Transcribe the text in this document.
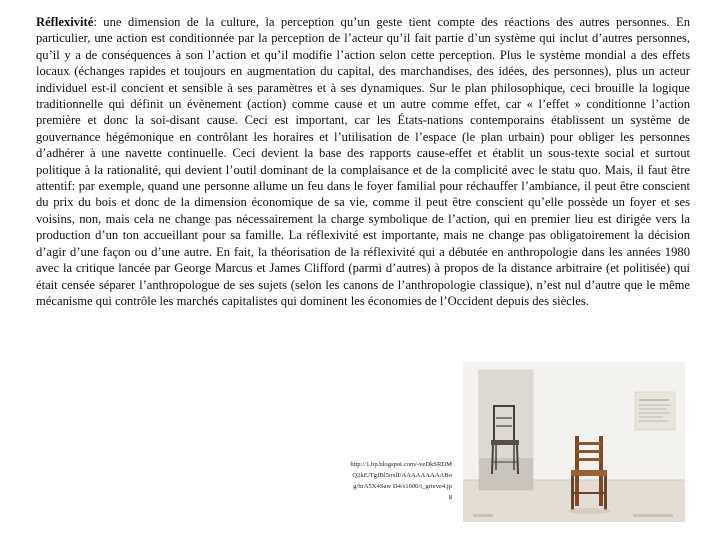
Réflexivité: une dimension de la culture, la perception qu’un geste tient compte des réactions des autres personnes. En particulier, une action est conditionnée par la perception de l’acteur qu’il fait partie d’un système qui inclut d’autres personnes, qu’il y a de conséquences à son l’action et qu’il modifie l’action selon cette perception. Plus le système mondial a des effets locaux (échanges rapides et toujours en augmentation du capital, des marchandises, des idées, des personnes), plus un acteur individuel est-il concient et sensible à ses paramètres et à ses dynamiques. Sur le plan philosophique, ceci brouille la logique traditionnelle qui définit un évènement (action) comme cause et un autre comme effet, car « l’effet » conditionne l’action première et donc la soi-disant cause. Ceci est important, car les États-nations contemporains établissent un système de gouvernance hégémonique en contrôlant les horaires et l’utilisation de l’espace (le plan urbain) pour obliger les personnes d’adhérer à une navette continuelle. Ceci devient la base des rapports cause-effet et établit un sous-texte social et surtout politique à la rationalité, qui devient l’outil dominant de la complaisance et de la complicité avec le statu quo. Mais, il faut être attentif: par exemple, quand une personne allume un feu dans le foyer familial pour réchauffer l’ambiance, il peut être conscient du prix du bois et donc de la dimension économique de sa vie, comme il peut être conscient qu’elle possède un foyer et ses voisins, non, mais cela ne change pas nécessairement la charge symbolique de l’action, qui en premier lieu est dirigée vers la production d’un ton accueillant pour sa famille. La réflexivité est importante, mais ne change pas obligatoirement la décision d’agir d’une façon ou d’une autre. En fait, la théorisation de la réflexivité qui a débutée en anthropologie dans les années 1980 avec la critique lancée par George Marcus et James Clifford (parmi d’autres) à propos de la distance arbitraire (et politisée) qui était censée séparer l’anthropologue de ses sujets (selon les canons de l’anthropologie classique), n’est nul d’autre que le même mécanisme qui contrôle les marchés capitalistes qui dominent les économies de l’Occident depuis des siècles.

http://1.bp.blogspot.com/-veDkSRDMQ2kE/TgJBl5oxlI/AAAAAAAAABo g/hrA5X4Saw D4/s1600/t_grieve4.jpg
